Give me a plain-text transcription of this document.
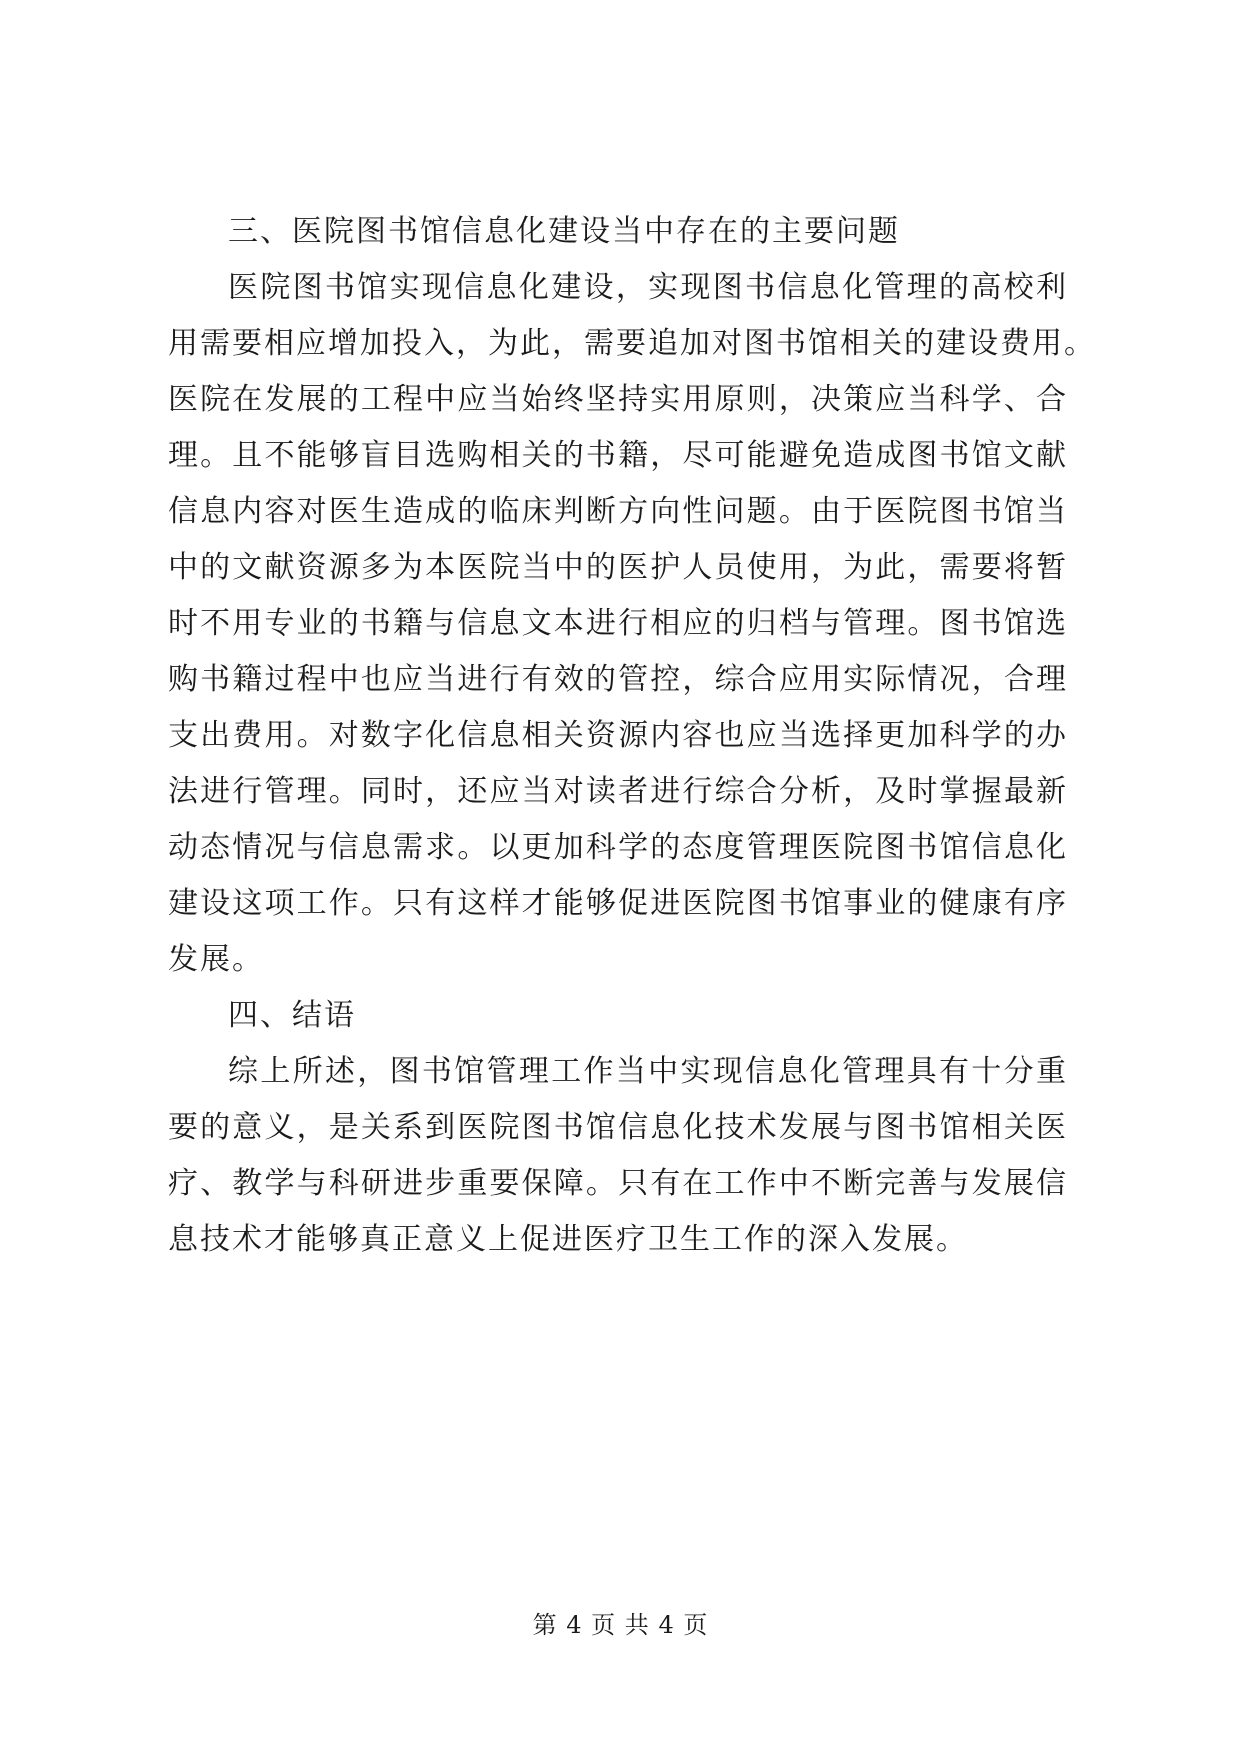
三、医院图书馆信息化建设当中存在的主要问题
医院图书馆实现信息化建设，实现图书信息化管理的高校利
用需要相应增加投入，为此，需要追加对图书馆相关的建设费用。
医院在发展的工程中应当始终坚持实用原则，决策应当科学、合
理。且不能够盲目选购相关的书籍，尽可能避免造成图书馆文献
信息内容对医生造成的临床判断方向性问题。由于医院图书馆当
中的文献资源多为本医院当中的医护人员使用，为此，需要将暂
时不用专业的书籍与信息文本进行相应的归档与管理。图书馆选
购书籍过程中也应当进行有效的管控，综合应用实际情况，合理
支出费用。对数字化信息相关资源内容也应当选择更加科学的办
法进行管理。同时，还应当对读者进行综合分析，及时掌握最新
动态情况与信息需求。以更加科学的态度管理医院图书馆信息化
建设这项工作。只有这样才能够促进医院图书馆事业的健康有序
发展。
四、结语
综上所述，图书馆管理工作当中实现信息化管理具有十分重
要的意义，是关系到医院图书馆信息化技术发展与图书馆相关医
疗、教学与科研进步重要保障。只有在工作中不断完善与发展信
息技术才能够真正意义上促进医疗卫生工作的深入发展。
第 4 页 共 4 页
